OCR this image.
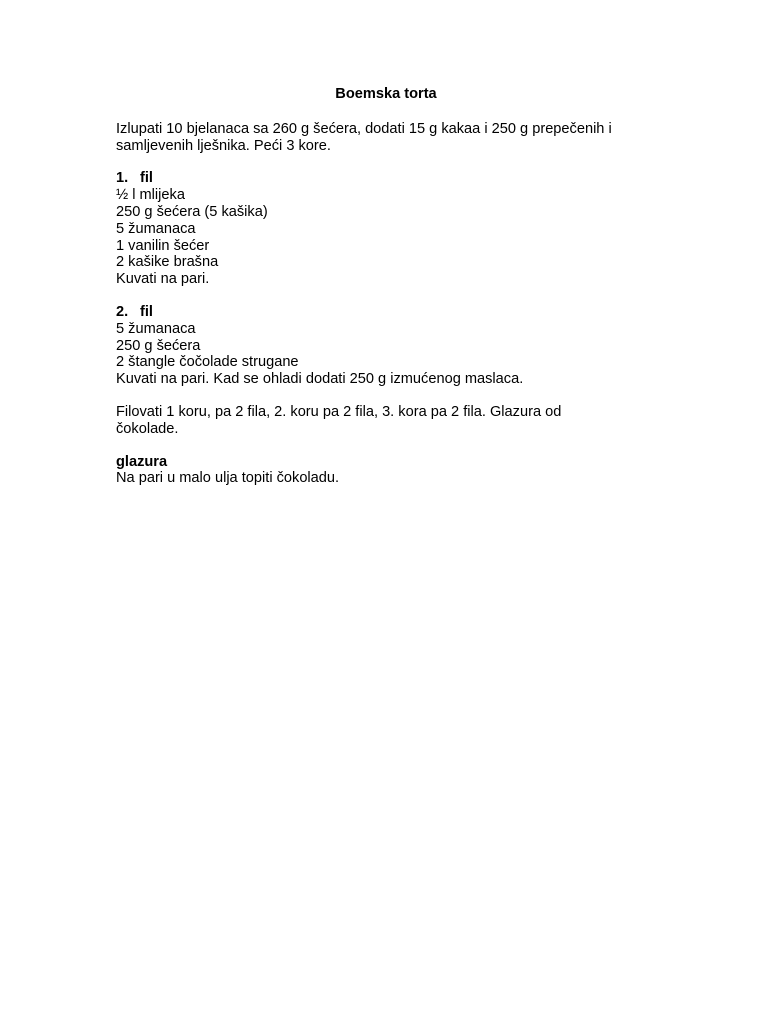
Boemska torta
Izlupati 10 bjelanaca sa 260 g šećera, dodati 15 g kakaa i 250 g prepečenih i
samljevenih lješnika. Peći 3 kore.
1. fil
½ l mlijeka
250 g šećera (5 kašika)
5 žumanaca
1 vanilin šećer
2 kašike brašna
Kuvati na pari.
2. fil
5 žumanaca
250 g šećera
2 štangle čočolade strugane
Kuvati na pari. Kad se ohladi dodati 250 g izmućenog maslaca.
Filovati 1 koru, pa 2 fila, 2. koru pa 2 fila, 3. kora pa 2 fila. Glazura od
čokolade.
glazura
Na pari u malo ulja topiti čokoladu.
